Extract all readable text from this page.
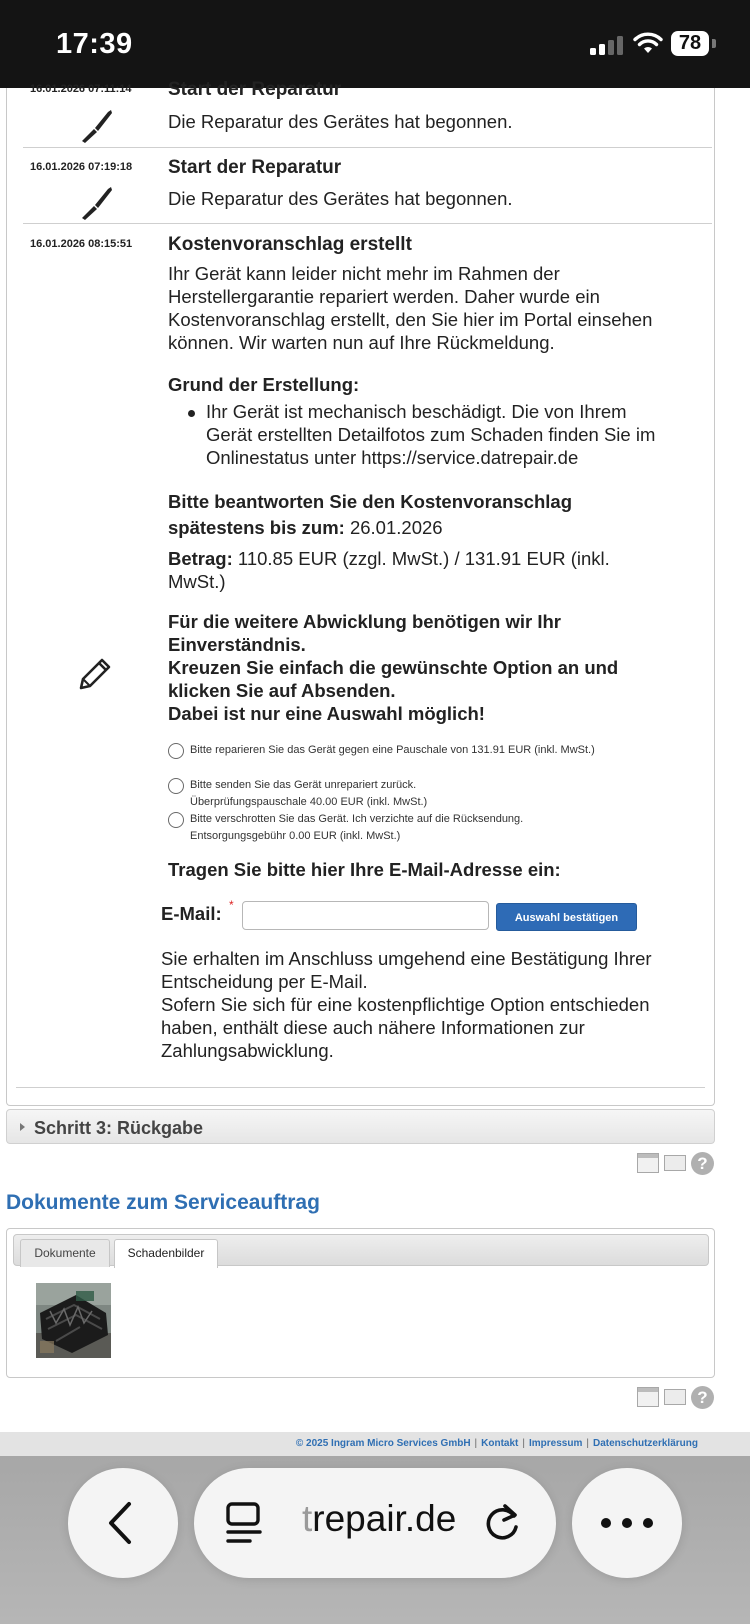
17:39	78
16.01.2026 07:11:14 Start der Reparatur
Die Reparatur des Gerätes hat begonnen.
16.01.2026 07:19:18 Start der Reparatur
Die Reparatur des Gerätes hat begonnen.
16.01.2026 08:15:51 Kostenvoranschlag erstellt
Ihr Gerät kann leider nicht mehr im Rahmen der
Herstellergarantie repariert werden. Daher wurde ein
Kostenvoranschlag erstellt, den Sie hier im Portal einsehen
können. Wir warten nun auf Ihre Rückmeldung.
Grund der Erstellung:
Ihr Gerät ist mechanisch beschädigt. Die von Ihrem
Gerät erstellten Detailfotos zum Schaden finden Sie im
Onlinestatus unter https://service.datrepair.de
Bitte beantworten Sie den Kostenvoranschlag
spätestens bis zum: 26.01.2026
Betrag: 110.85 EUR (zzgl. MwSt.) / 131.91 EUR (inkl.
MwSt.)
Für die weitere Abwicklung benötigen wir Ihr
Einverständnis.
Kreuzen Sie einfach die gewünschte Option an und
klicken Sie auf Absenden.
Dabei ist nur eine Auswahl möglich!
Bitte reparieren Sie das Gerät gegen eine Pauschale von 131.91 EUR (inkl. MwSt.)
Bitte senden Sie das Gerät unrepariert zurück.
Überprüfungspauschale 40.00 EUR (inkl. MwSt.)
Bitte verschrotten Sie das Gerät. Ich verzichte auf die Rücksendung.
Entsorgungsgebühr 0.00 EUR (inkl. MwSt.)
Tragen Sie bitte hier Ihre E-Mail-Adresse ein:
E-Mail: *
Auswahl bestätigen
Sie erhalten im Anschluss umgehend eine Bestätigung Ihrer
Entscheidung per E-Mail.
Sofern Sie sich für eine kostenpflichtige Option entschieden
haben, enthält diese auch nähere Informationen zur
Zahlungsabwicklung.
Schritt 3: Rückgabe
?
Dokumente zum Serviceauftrag
Dokumente	Schadenbilder
?
© 2025 Ingram Micro Services GmbH | Kontakt | Impressum | Datenschutzerklärung
trepair.de
